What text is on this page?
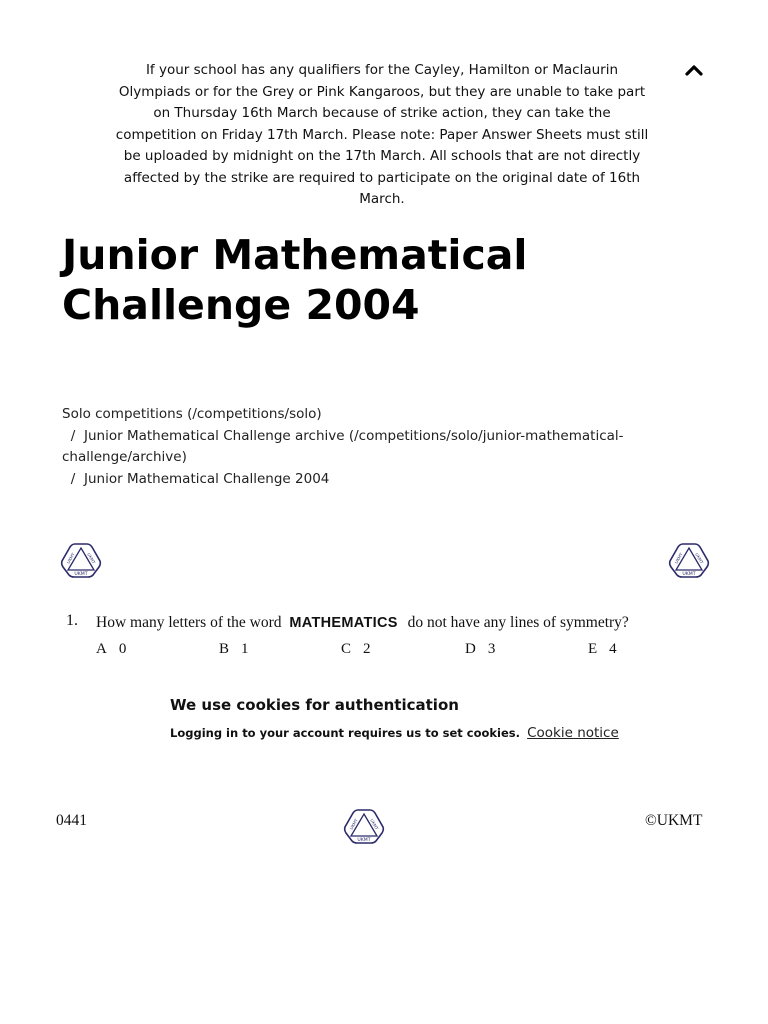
If your school has any qualifiers for the Cayley, Hamilton or Maclaurin Olympiads or for the Grey or Pink Kangaroos, but they are unable to take part on Thursday 16th March because of strike action, they can take the competition on Friday 17th March. Please note: Paper Answer Sheets must still be uploaded by midnight on the 17th March. All schools that are not directly affected by the strike are required to participate on the original date of 16th March.
Junior Mathematical Challenge 2004
Solo competitions (/competitions/solo)
/ Junior Mathematical Challenge archive (/competitions/solo/junior-mathematical-challenge/archive)
/ Junior Mathematical Challenge 2004
UKMT
UKMT	UKMT
UKMT
UKMT	UKMT
1. How many letters of the word MATHEMATICS do not have any lines of symmetry?
A 0	B 1	C 2	D 3	E 4
We use cookies for authentication
Logging in to your account requires us to set cookies. Cookie notice
0441
UKMT
UKMT	UKMT	©UKMT
